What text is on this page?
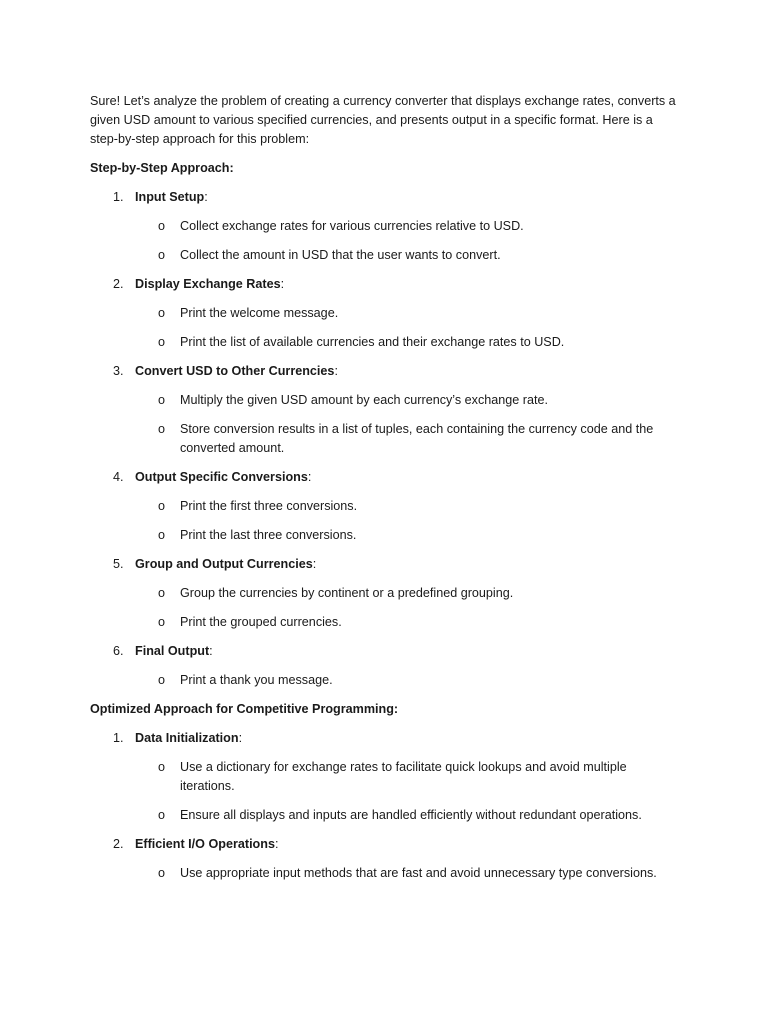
Sure! Let’s analyze the problem of creating a currency converter that displays exchange rates, converts a given USD amount to various specified currencies, and presents output in a specific format. Here is a step-by-step approach for this problem:

Step-by-Step Approach:

1. Input Setup:
o	Collect exchange rates for various currencies relative to USD.
o	Collect the amount in USD that the user wants to convert.
2. Display Exchange Rates:
o	Print the welcome message.
o	Print the list of available currencies and their exchange rates to USD.
3. Convert USD to Other Currencies:
o	Multiply the given USD amount by each currency’s exchange rate.
o	Store conversion results in a list of tuples, each containing the currency code and the converted amount.
4. Output Specific Conversions:
o	Print the first three conversions.
o	Print the last three conversions.
5. Group and Output Currencies:
o	Group the currencies by continent or a predefined grouping.
o	Print the grouped currencies.
6. Final Output:
o	Print a thank you message.

Optimized Approach for Competitive Programming:

1. Data Initialization:
o	Use a dictionary for exchange rates to facilitate quick lookups and avoid multiple iterations.
o	Ensure all displays and inputs are handled efficiently without redundant operations.
2. Efficient I/O Operations:
o	Use appropriate input methods that are fast and avoid unnecessary type conversions.
